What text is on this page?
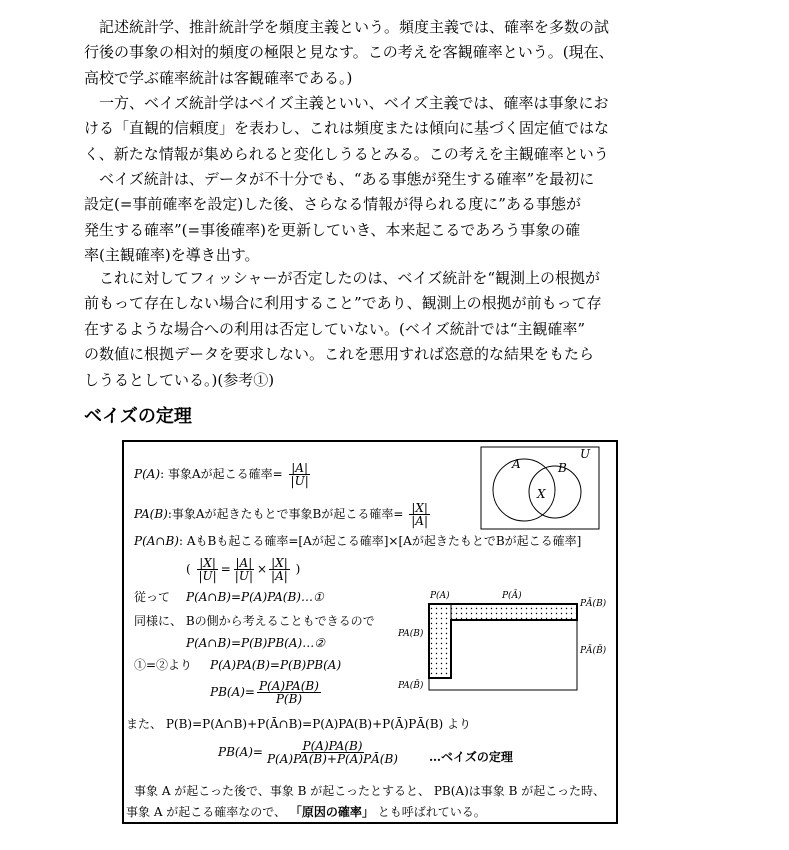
記述統計学、推計統計学を頻度主義という。頻度主義では、確率を多数の試
行後の事象の相対的頻度の極限と見なす。この考えを客観確率という。(現在、
高校で学ぶ確率統計は客観確率である。)
一方、ベイズ統計学はベイズ主義といい、ベイズ主義では、確率は事象にお
ける「直観的信頼度」を表わし、これは頻度または傾向に基づく固定値ではな
く、新たな情報が集められると変化しうるとみる。この考えを主観確率という
ベイズ統計は、データが不十分でも、“ある事態が発生する確率”を最初に
設定(=事前確率を設定)した後、さらなる情報が得られる度に”ある事態が
発生する確率”(=事後確率)を更新していき、本来起こるであろう事象の確
率(主観確率)を導き出す。
これに対してフィッシャーが否定したのは、ベイズ統計を“観測上の根拠が
前もって存在しない場合に利用すること”であり、観測上の根拠が前もって存
在するような場合への利用は否定していない。(ベイズ統計では“主観確率”
の数値に根拠データを要求しない。これを悪用すれば恣意的な結果をもたら
しうるとしている。)(参考①)
ベイズの定理
P(A): 事象Aが起こる確率= $\frac{|A|}{|U|}$
PA(B):事象Aが起きたもとで事象Bが起こる確率= $\frac{|X|}{|A|}$
P(A∩B): AもBも起こる確率=[Aが起こる確率]×[Aが起きたもとでBが起こる確率]
( $\frac{|X|}{|U|} = \frac{|A|}{|U|} \times \frac{|X|}{|A|}$ )
従って P(A∩B)=P(A)PA(B)…①
同様に、 Bの側から考えることもできるので
P(A∩B)=P(B)PB(A)…②
①=②より P(A)PA(B)=P(B)PB(A)
$PB(A)= \frac{P(A)PA(B)}{P(B)}$
また、 P(B)=P(A∩B)+P(Ā∩B)=P(A)PA(B)+P(Ā)PĀ(B) より
$PB(A)= \frac{P(A)PA(B)}{P(A)PA(B)+P(Ā)PĀ(B)}$ …ベイズの定理
事象 A が起こった後で、事象 B が起こったとすると、 PB(A)は事象 B が起こった時、
事象 A が起こる確率なので、 「原因の確率」 とも呼ばれている。
U
A	B
X
P(A)	P(Ā)
PĀ(B)
PĀ(B̄)
PA(B)
PA(B̄)
